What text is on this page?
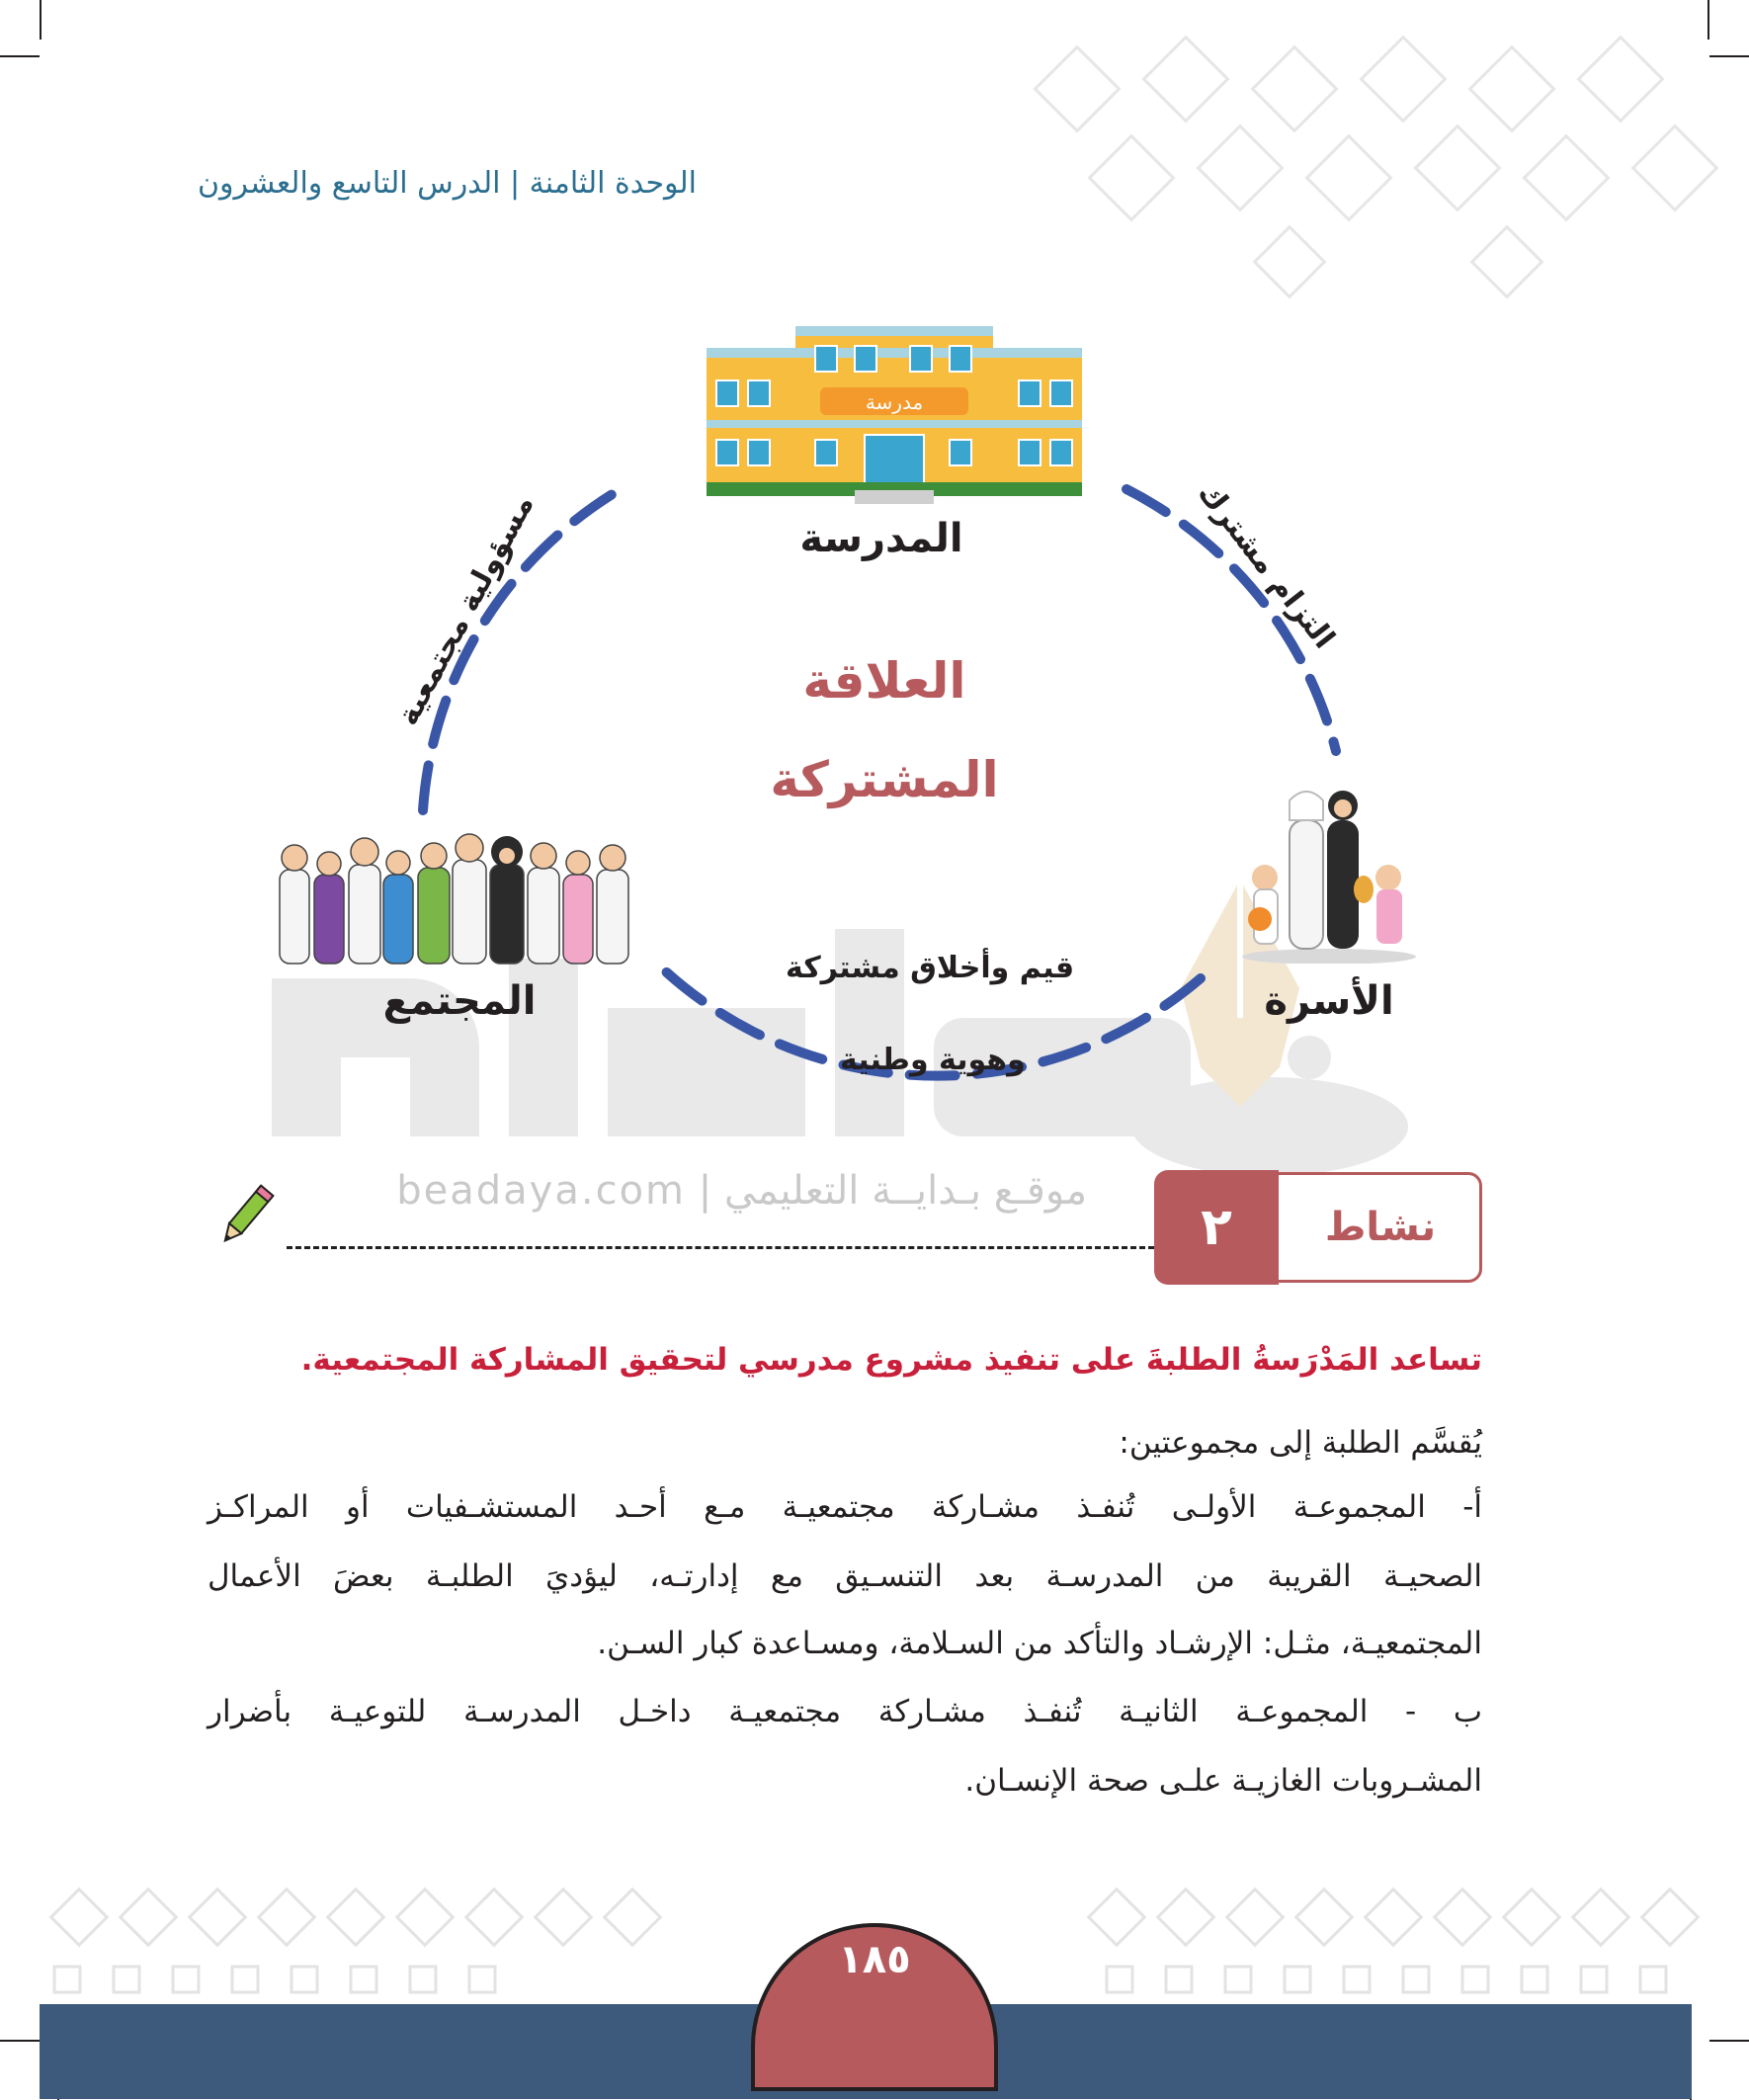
الوحدة الثامنة | الدرس التاسع والعشرون
مدرسة
المدرسة
الأسرة
المجتمع
العلاقة
المشتركة
التزام مشترك
مسؤولية مجتمعية
قيم وأخلاق مشتركة
وهوية وطنية
موقـع بـدايــة التعليمي | beadaya.com
٢	نشاط
تساعد المَدْرَسةُ الطلبةَ على تنفيذ مشروع مدرسي لتحقيق المشاركة المجتمعية.
يُقسَّم الطلبة إلى مجموعتين:
أ- المجموعـة الأولـى تُنفـذ مشـاركة مجتمعيـة مـع أحـد المستشـفيات أو المراكـز
الصحيـة القريبة من المدرسـة بعد التنسـيق مع إدارتـه، ليؤديَ الطلبـة بعضَ الأعمال
المجتمعيـة، مثـل: الإرشـاد والتأكد من السـلامة، ومسـاعدة كبار السـن.
ب - المجموعـة الثانيـة تُنفـذ مشـاركة مجتمعيـة داخـل المدرسـة للتوعيـة بأضرار
المشـروبات الغازيـة علـى صحة الإنسـان.
١٨٥
